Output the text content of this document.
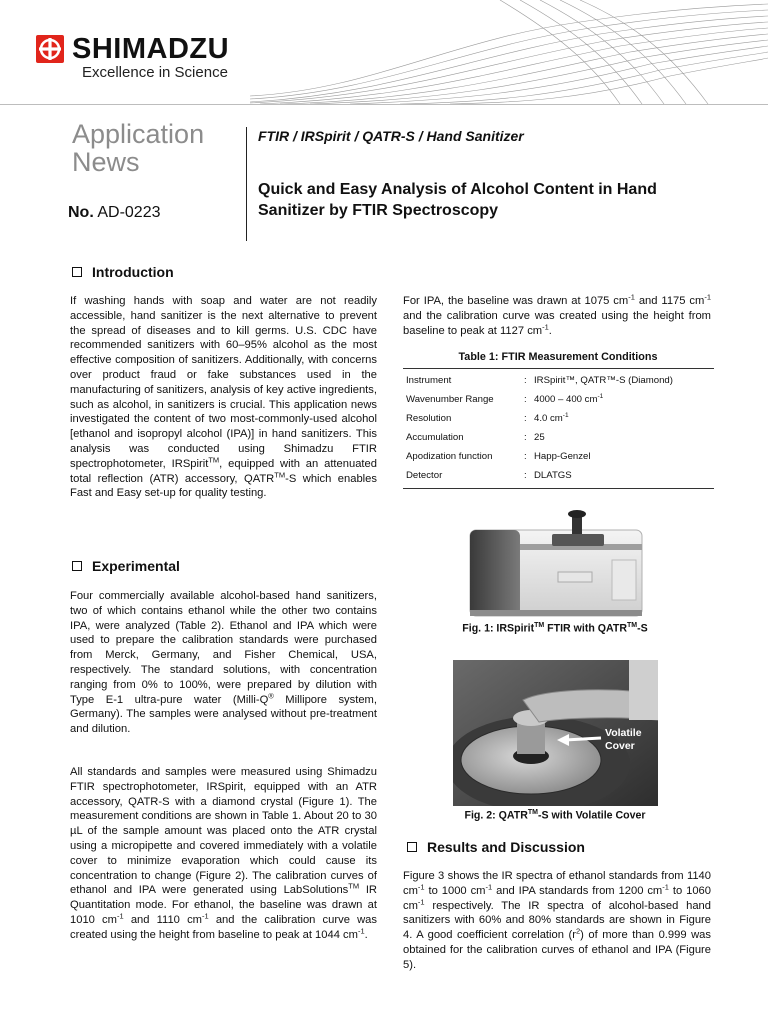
SHIMADZU
Excellence in Science
Application
News
No. AD-0223
FTIR / IRSpirit / QATR-S / Hand Sanitizer
Quick and Easy Analysis of Alcohol Content in Hand
Sanitizer by FTIR Spectroscopy
Introduction
If washing hands with soap and water are not readily accessible, hand sanitizer is the next alternative to prevent the spread of diseases and to kill germs. U.S. CDC have recommended sanitizers with 60–95% alcohol as the most effective composition of sanitizers. Additionally, with concerns over product fraud or fake substances used in the manufacturing of sanitizers, analysis of key active ingredients, such as alcohol, in sanitizers is crucial. This application news investigated the content of two most-commonly-used alcohol [ethanol and isopropyl alcohol (IPA)] in hand sanitizers. This analysis was conducted using Shimadzu FTIR spectrophotometer, IRSpirit™, equipped with an attenuated total reflection (ATR) accessory, QATR™-S which enables Fast and Easy set-up for quality testing.
Experimental
Four commercially available alcohol-based hand sanitizers, two of which contains ethanol while the other two contains IPA, were analyzed (Table 2). Ethanol and IPA which were used to prepare the calibration standards were purchased from Merck, Germany, and Fisher Chemical, USA, respectively. The standard solutions, with concentration ranging from 0% to 100%, were prepared by dilution with Type E-1 ultra-pure water (Milli-Q® Millipore system, Germany). The samples were analysed without pre-treatment and dilution.
All standards and samples were measured using Shimadzu FTIR spectrophotometer, IRSpirit, equipped with an ATR accessory, QATR-S with a diamond crystal (Figure 1). The measurement conditions are shown in Table 1. About 20 to 30 µL of the sample amount was placed onto the ATR crystal using a micropipette and covered immediately with a volatile cover to minimize evaporation which could cause its concentration to change (Figure 2). The calibration curves of ethanol and IPA were generated using LabSolutions™ IR Quantitation mode. For ethanol, the baseline was drawn at 1010 $cm^{-1}$ and 1110 $cm^{-1}$ and the calibration curve was created using the height from baseline to peak at 1044 $cm^{-1}$.
For IPA, the baseline was drawn at 1075 $cm^{-1}$ and 1175 $cm^{-1}$ and the calibration curve was created using the height from baseline to peak at 1127 $cm^{-1}$.
Table 1: FTIR Measurement Conditions
Instrument	: IRSpirit™, QATR™-S (Diamond)
Wavenumber Range	: 4000 – 400 $cm^{-1}$
Resolution	: 4.0 $cm^{-1}$
Accumulation	: 25
Apodization function	: Happ-Genzel
Detector	: DLATGS
Fig. 1: IRSpirit™ FTIR with QATR™-S
Volatile
Cover
Fig. 2: QATR™-S with Volatile Cover
Results and Discussion
Figure 3 shows the IR spectra of ethanol standards from 1140 $cm^{-1}$ to 1000 $cm^{-1}$ and IPA standards from 1200 $cm^{-1}$ to 1060 $cm^{-1}$ respectively. The IR spectra of alcohol-based hand sanitizers with 60% and 80% standards are shown in Figure 4. A good coefficient correlation $(r^2)$ of more than 0.999 was obtained for the calibration curves of ethanol and IPA (Figure 5).
